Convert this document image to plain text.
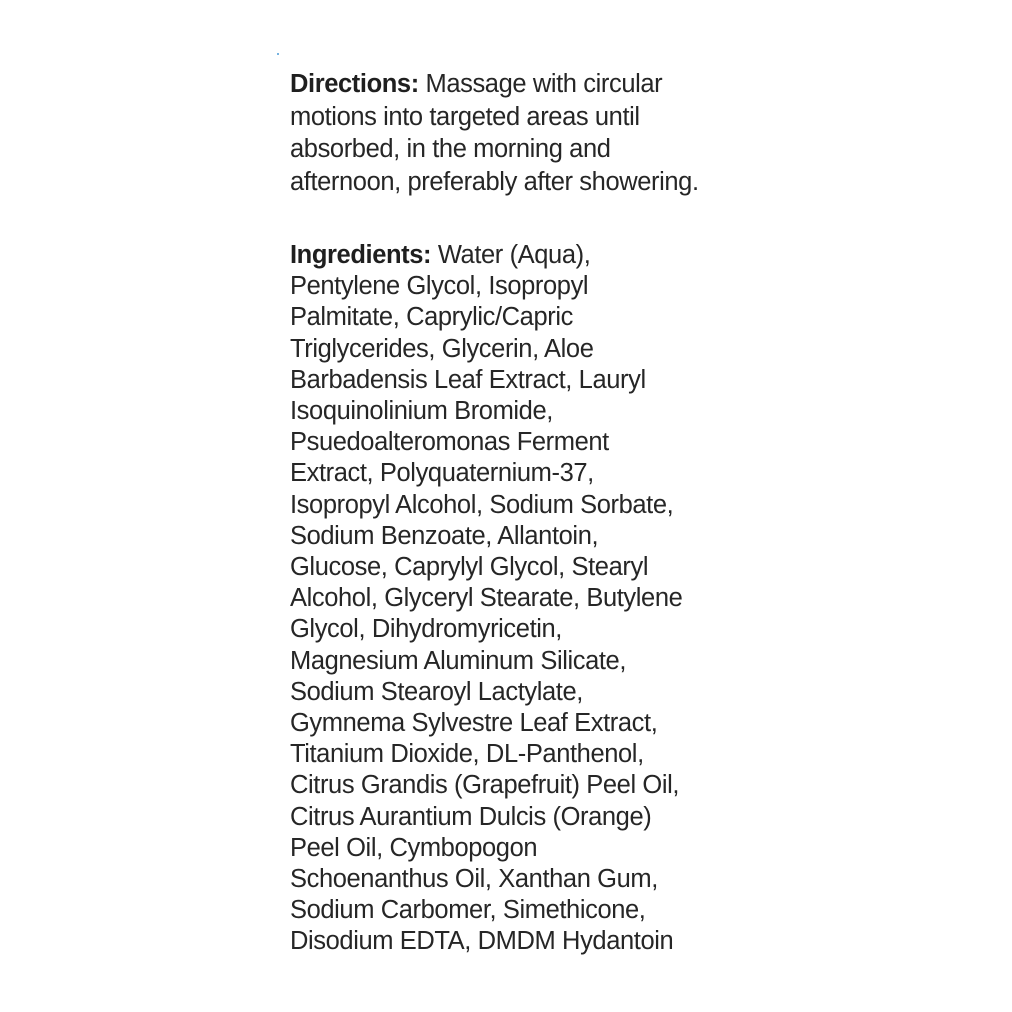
Directions: Massage with circular
motions into targeted areas until
absorbed, in the morning and
afternoon, preferably after showering.

Ingredients: Water (Aqua),
Pentylene Glycol, Isopropyl
Palmitate, Caprylic/Capric
Triglycerides, Glycerin, Aloe
Barbadensis Leaf Extract, Lauryl
Isoquinolinium Bromide,
Psuedoalteromonas Ferment
Extract, Polyquaternium-37,
Isopropyl Alcohol, Sodium Sorbate,
Sodium Benzoate, Allantoin,
Glucose, Caprylyl Glycol, Stearyl
Alcohol, Glyceryl Stearate, Butylene
Glycol, Dihydromyricetin,
Magnesium Aluminum Silicate,
Sodium Stearoyl Lactylate,
Gymnema Sylvestre Leaf Extract,
Titanium Dioxide, DL-Panthenol,
Citrus Grandis (Grapefruit) Peel Oil,
Citrus Aurantium Dulcis (Orange)
Peel Oil, Cymbopogon
Schoenanthus Oil, Xanthan Gum,
Sodium Carbomer, Simethicone,
Disodium EDTA, DMDM Hydantoin
